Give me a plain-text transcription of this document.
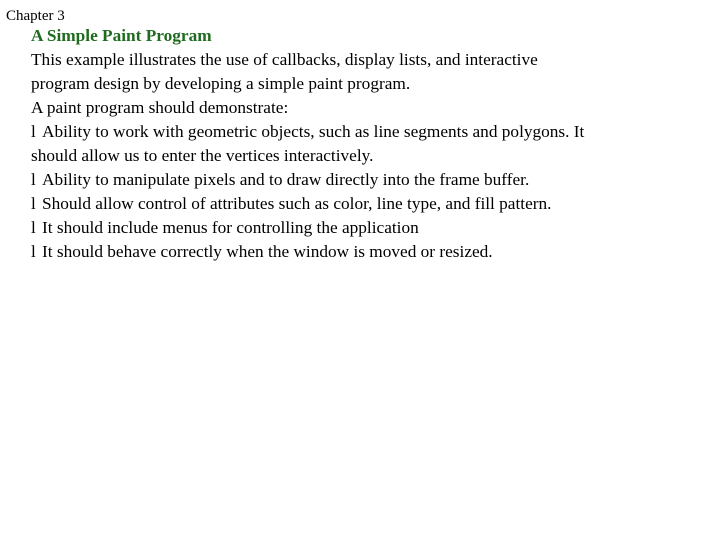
Chapter 3
A Simple Paint Program
This example illustrates the use of callbacks, display lists, and interactive
program design by developing a simple paint program.
A paint program should demonstrate:
l Ability to work with geometric objects, such as line segments and polygons. It
should allow us to enter the vertices interactively.
l Ability to manipulate pixels and to draw directly into the frame buffer.
l Should allow control of attributes such as color, line type, and fill pattern.
l It should include menus for controlling the application
l It should behave correctly when the window is moved or resized.
